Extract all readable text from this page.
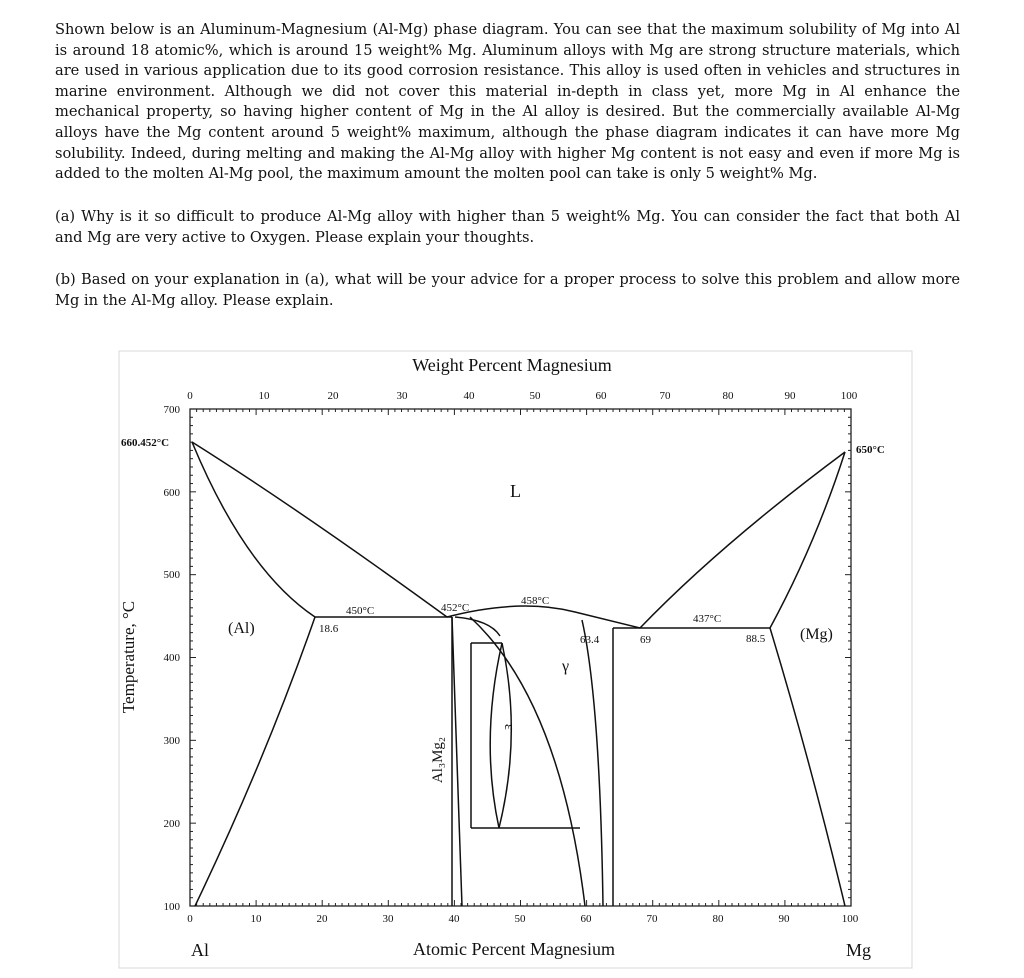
Shown below is an Aluminum-Magnesium (Al-Mg) phase diagram. You can see that the maximum solubility of Mg into Al is around 18 atomic%, which is around 15 weight% Mg. Aluminum alloys with Mg are strong structure materials, which are used in various application due to its good corrosion resistance. This alloy is used often in vehicles and structures in marine environment. Although we did not cover this material in-depth in class yet, more Mg in Al enhance the mechanical property, so having higher content of Mg in the Al alloy is desired. But the commercially available Al-Mg alloys have the Mg content around 5 weight% maximum, although the phase diagram indicates it can have more Mg solubility. Indeed, during melting and making the Al-Mg alloy with higher Mg content is not easy and even if more Mg is added to the molten Al-Mg pool, the maximum amount the molten pool can take is only 5 weight% Mg.

(a) Why is it so difficult to produce Al-Mg alloy with higher than 5 weight% Mg. You can consider the fact that both Al and Mg are very active to Oxygen. Please explain your thoughts.

(b) Based on your explanation in (a), what will be your advice for a proper process to solve this problem and allow more Mg in the Al-Mg alloy. Please explain.

Weight Percent Magnesium
Atomic Percent Magnesium
Temperature, °C
Al	Mg
660.452°C
650°C
L
(Al)	(Mg)
γ
ε
Al₃Mg₂
450°C
18.6
452°C
458°C
63.4	69
437°C
88.5
0	10	20	30	40	50	60	70	80	90	100
0	10	20	30	40	50	60	70	80	90	100
700
600
500
400
300
200
100
